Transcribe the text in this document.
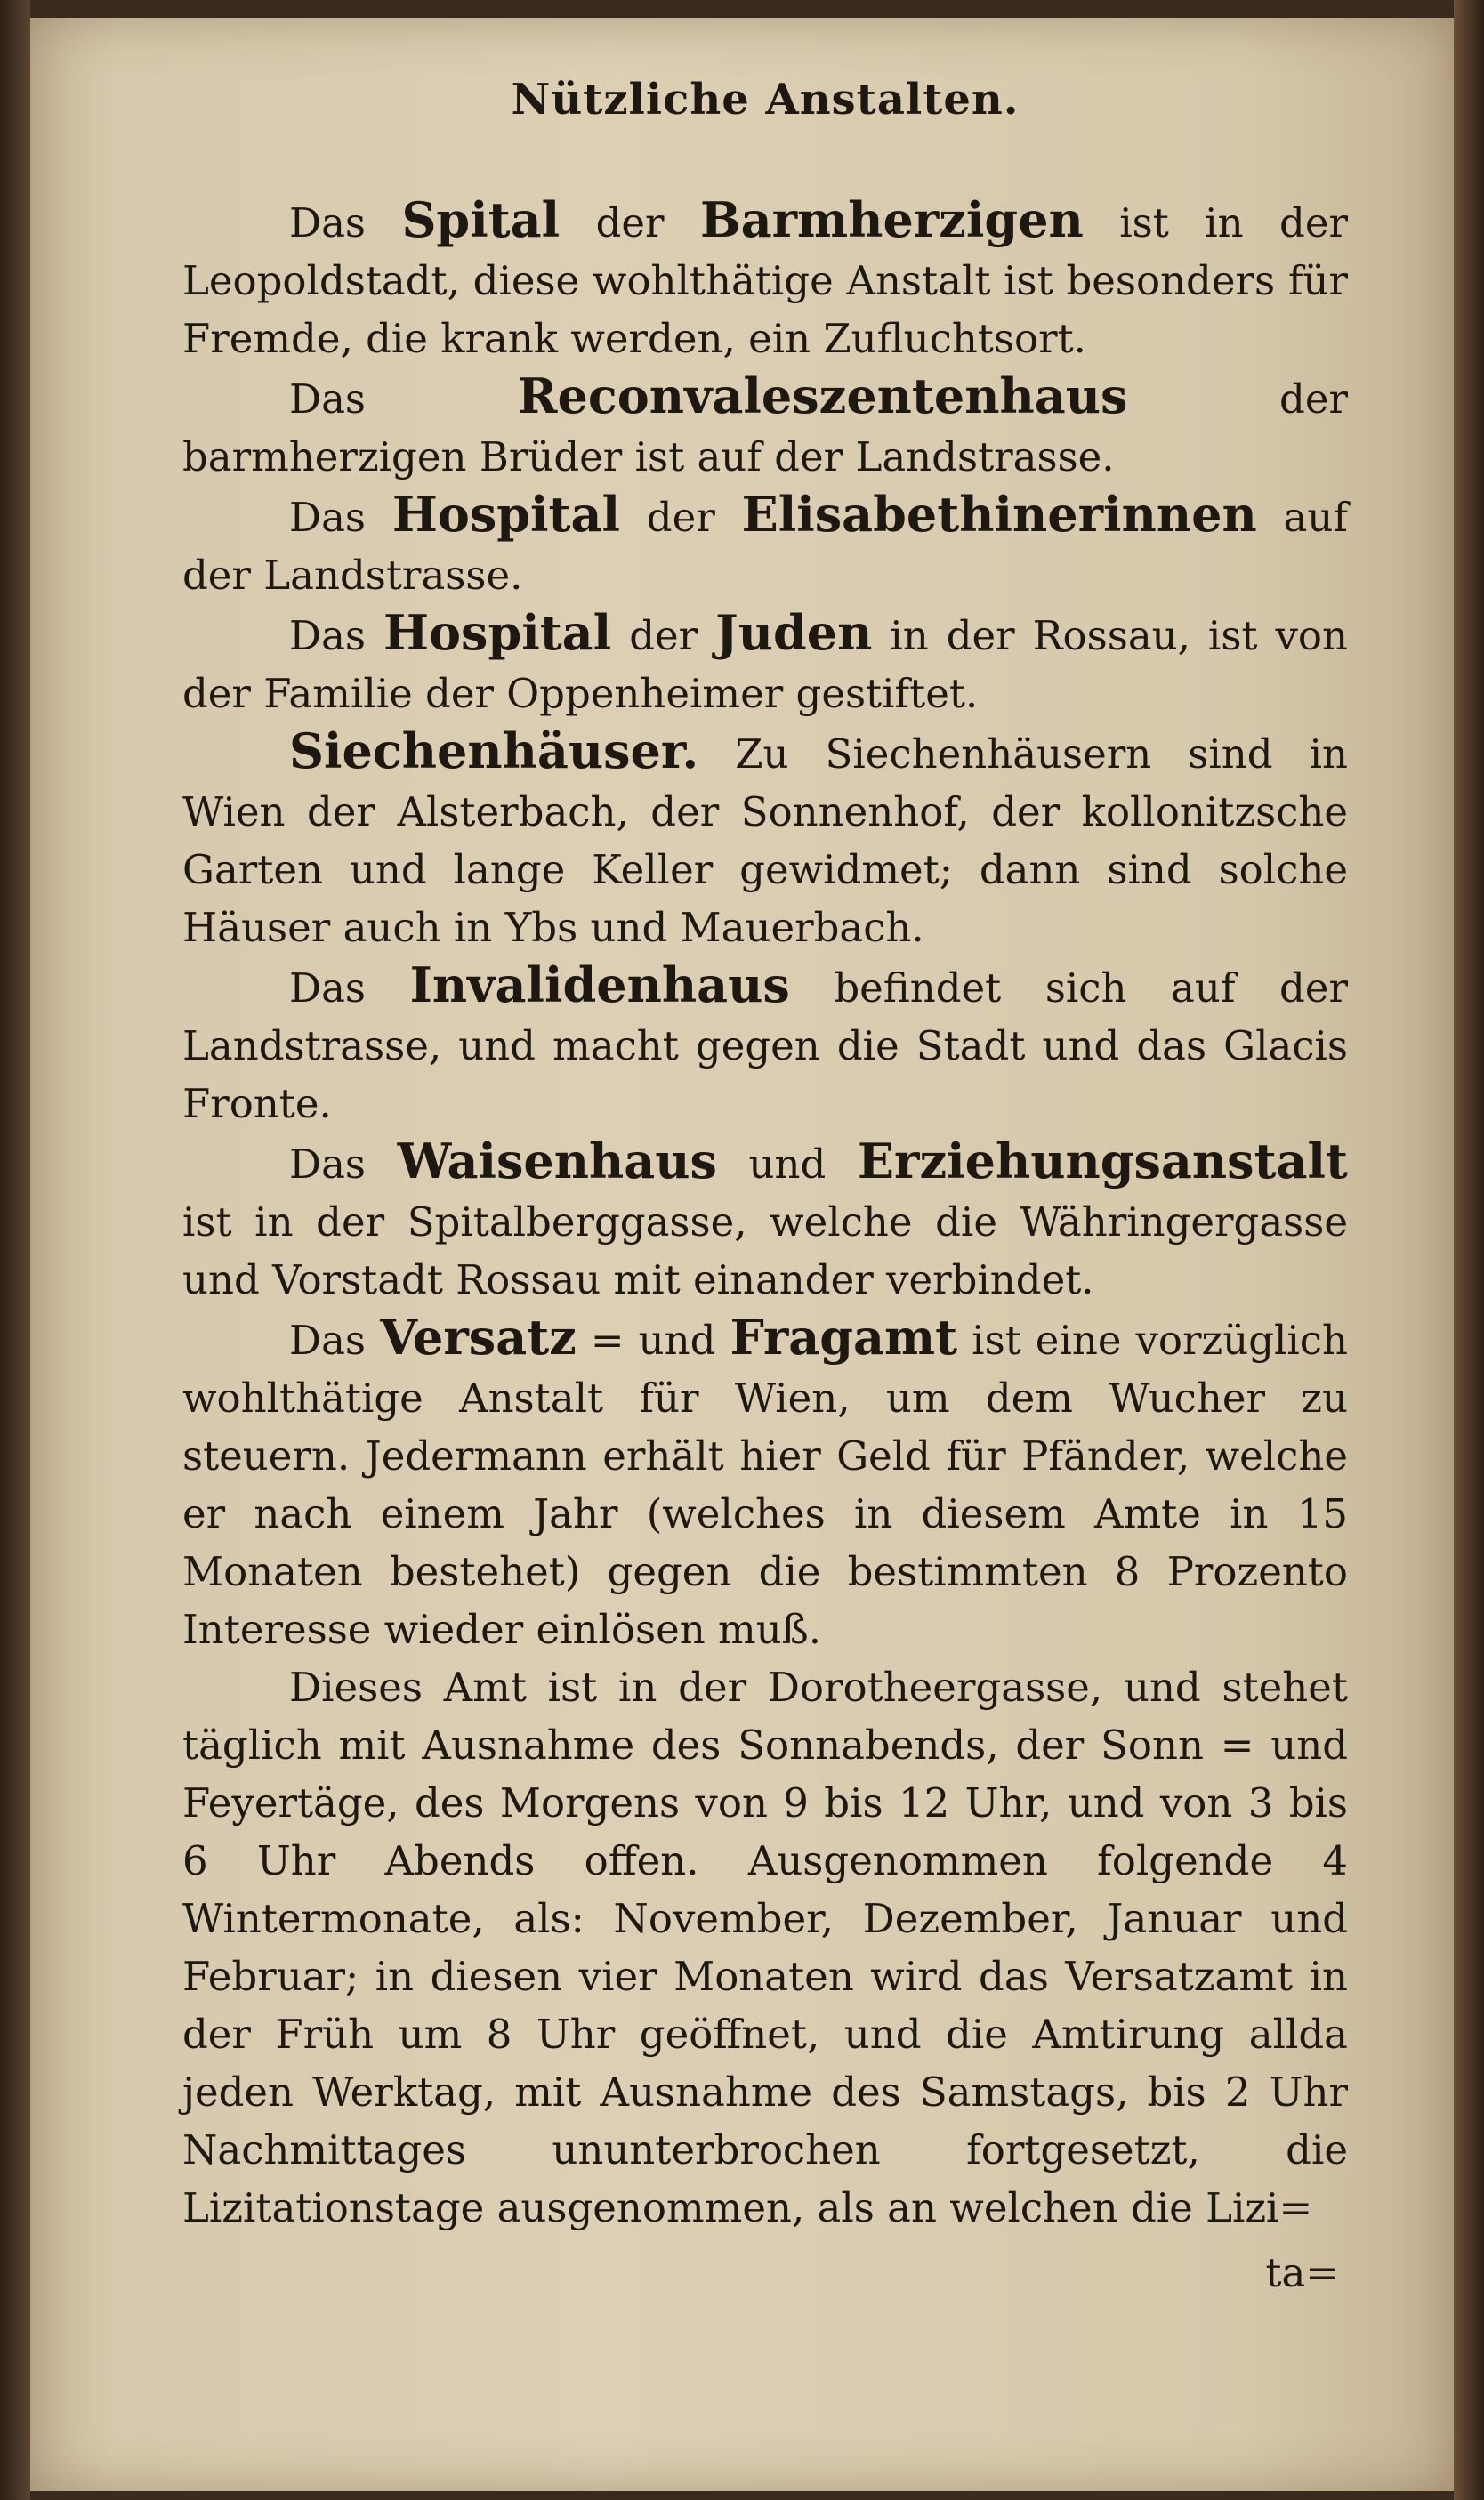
Nützliche Anstalten.

Das Spital der Barmherzigen ist in der Leopoldstadt, diese wohlthätige Anstalt ist besonders für Fremde, die krank werden, ein Zufluchtsort.

Das Reconvaleszentenhaus der barmherzigen Brüder ist auf der Landstrasse.

Das Hospital der Elisabethinerinnen auf der Landstrasse.

Das Hospital der Juden in der Rossau, ist von der Familie der Oppenheimer gestiftet.

Siechenhäuser. Zu Siechenhäusern sind in Wien der Alsterbach, der Sonnenhof, der kollonitzsche Garten und lange Keller gewidmet; dann sind solche Häuser auch in Ybs und Mauerbach.

Das Invalidenhaus befindet sich auf der Landstrasse, und macht gegen die Stadt und das Glacis Fronte.

Das Waisenhaus und Erziehungsanstalt ist in der Spitalberggasse, welche die Währingergasse und Vorstadt Rossau mit einander verbindet.

Das Versatz = und Fragamt ist eine vorzüglich wohlthätige Anstalt für Wien, um dem Wucher zu steuern. Jedermann erhält hier Geld für Pfänder, welche er nach einem Jahr (welches in diesem Amte in 15 Monaten bestehet) gegen die bestimmten 8 Prozento Interesse wieder einlösen muß.

Dieses Amt ist in der Dorotheergasse, und stehet täglich mit Ausnahme des Sonnabends, der Sonn = und Feyertäge, des Morgens von 9 bis 12 Uhr, und von 3 bis 6 Uhr Abends offen. Ausgenommen folgende 4 Wintermonate, als: November, Dezember, Januar und Februar; in diesen vier Monaten wird das Versatzamt in der Früh um 8 Uhr geöffnet, und die Amtirung allda jeden Werktag, mit Ausnahme des Samstags, bis 2 Uhr Nachmittages ununterbrochen fortgesetzt, die Lizitationstage ausgenommen, als an welchen die Lizi=

ta=
